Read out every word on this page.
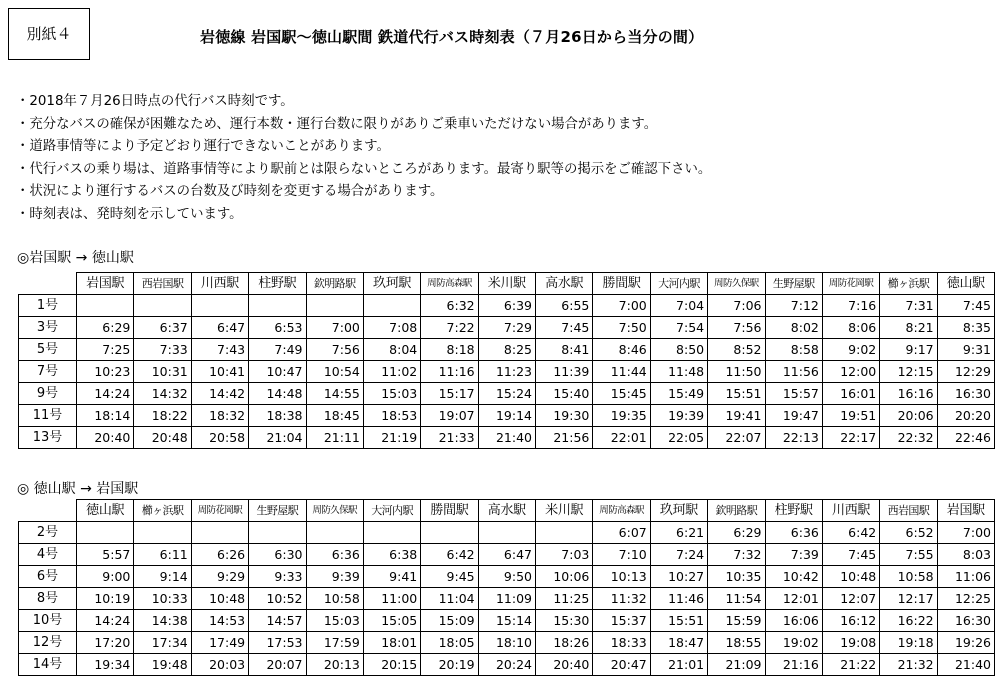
別紙４	岩徳線 岩国駅～徳山駅間 鉄道代行バス時刻表（７月26日から当分の間）
・2018年７月26日時点の代行バス時刻です。
・充分なバスの確保が困難なため、運行本数・運行台数に限りがありご乗車いただけない場合があります。
・道路事情等により予定どおり運行できないことがあります。
・代行バスの乗り場は、道路事情等により駅前とは限らないところがあります。最寄り駅等の掲示をご確認下さい。
・状況により運行するバスの台数及び時刻を変更する場合があります。
・時刻表は、発時刻を示しています。
◎岩国駅 → 徳山駅
	岩国駅	西岩国駅	川西駅	柱野駅	欽明路駅	玖珂駅	周防高森駅	米川駅	高水駅	勝間駅	大河内駅	周防久保駅	生野屋駅	周防花岡駅	櫛ヶ浜駅	徳山駅
1号							6:32	6:39	6:55	7:00	7:04	7:06	7:12	7:16	7:31	7:45
3号	6:29	6:37	6:47	6:53	7:00	7:08	7:22	7:29	7:45	7:50	7:54	7:56	8:02	8:06	8:21	8:35
5号	7:25	7:33	7:43	7:49	7:56	8:04	8:18	8:25	8:41	8:46	8:50	8:52	8:58	9:02	9:17	9:31
7号	10:23	10:31	10:41	10:47	10:54	11:02	11:16	11:23	11:39	11:44	11:48	11:50	11:56	12:00	12:15	12:29
9号	14:24	14:32	14:42	14:48	14:55	15:03	15:17	15:24	15:40	15:45	15:49	15:51	15:57	16:01	16:16	16:30
11号	18:14	18:22	18:32	18:38	18:45	18:53	19:07	19:14	19:30	19:35	19:39	19:41	19:47	19:51	20:06	20:20
13号	20:40	20:48	20:58	21:04	21:11	21:19	21:33	21:40	21:56	22:01	22:05	22:07	22:13	22:17	22:32	22:46
◎ 徳山駅 → 岩国駅
	徳山駅	櫛ヶ浜駅	周防花岡駅	生野屋駅	周防久保駅	大河内駅	勝間駅	高水駅	米川駅	周防高森駅	玖珂駅	欽明路駅	柱野駅	川西駅	西岩国駅	岩国駅
2号										6:07	6:21	6:29	6:36	6:42	6:52	7:00
4号	5:57	6:11	6:26	6:30	6:36	6:38	6:42	6:47	7:03	7:10	7:24	7:32	7:39	7:45	7:55	8:03
6号	9:00	9:14	9:29	9:33	9:39	9:41	9:45	9:50	10:06	10:13	10:27	10:35	10:42	10:48	10:58	11:06
8号	10:19	10:33	10:48	10:52	10:58	11:00	11:04	11:09	11:25	11:32	11:46	11:54	12:01	12:07	12:17	12:25
10号	14:24	14:38	14:53	14:57	15:03	15:05	15:09	15:14	15:30	15:37	15:51	15:59	16:06	16:12	16:22	16:30
12号	17:20	17:34	17:49	17:53	17:59	18:01	18:05	18:10	18:26	18:33	18:47	18:55	19:02	19:08	19:18	19:26
14号	19:34	19:48	20:03	20:07	20:13	20:15	20:19	20:24	20:40	20:47	21:01	21:09	21:16	21:22	21:32	21:40
